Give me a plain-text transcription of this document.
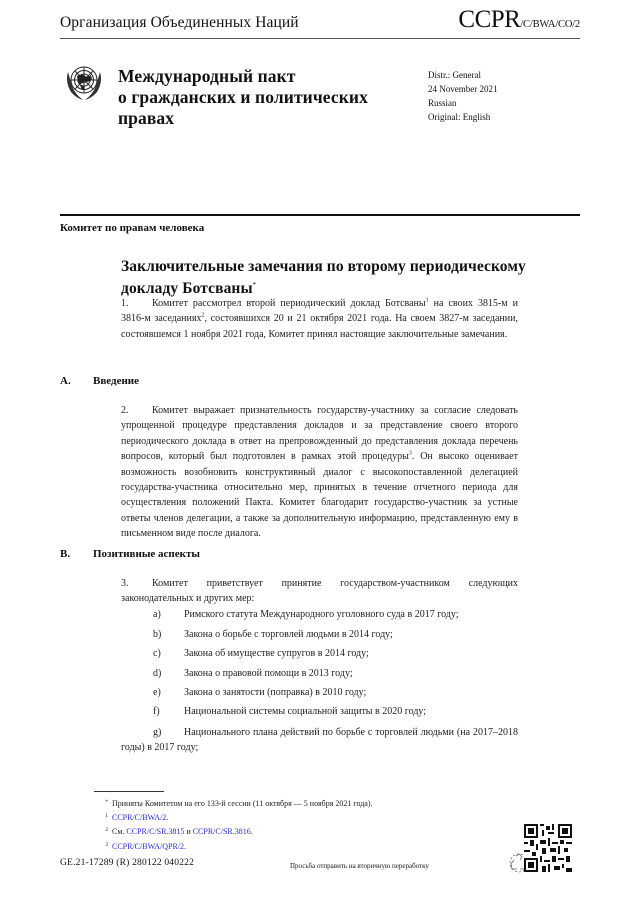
Организация Объединенных Наций	CCPR/C/BWA/CO/2
Международный пакт
о гражданских и политических
правах
Distr.: General
24 November 2021
Russian
Original: English
Комитет по правам человека
Заключительные замечания по второму периодическому докладу Ботсваны*
1. Комитет рассмотрел второй периодический доклад Ботсваны$^1$ на своих 3815-м и 3816-м заседаниях$^2$, состоявшихся 20 и 21 октября 2021 года. На своем 3827-м заседании, состоявшемся 1 ноября 2021 года, Комитет принял настоящие заключительные замечания.
A. Введение
2. Комитет выражает признательность государству-участнику за согласие следовать упрощенной процедуре представления докладов и за представление своего второго периодического доклада в ответ на препровожденный до представления доклада перечень вопросов, который был подготовлен в рамках этой процедуры$^3$. Он высоко оценивает возможность возобновить конструктивный диалог с высокопоставленной делегацией государства-участника относительно мер, принятых в течение отчетного периода для осуществления положений Пакта. Комитет благодарит государство-участник за устные ответы членов делегации, а также за дополнительную информацию, представленную ему в письменном виде после диалога.
B. Позитивные аспекты
3. Комитет приветствует принятие государством-участником следующих законодательных и других мер:
a) Римского статута Международного уголовного суда в 2017 году;
b) Закона о борьбе с торговлей людьми в 2014 году;
c) Закона об имуществе супругов в 2014 году;
d) Закона о правовой помощи в 2013 году;
e) Закона о занятости (поправка) в 2010 году;
f) Национальной системы социальной защиты в 2020 году;
g) Национального плана действий по борьбе с торговлей людьми (на 2017–2018 годы) в 2017 году;
* Приняты Комитетом на его 133-й сессии (11 октября — 5 ноября 2021 года).
$^1$ CCPR/C/BWA/2.
$^2$ См. CCPR/C/SR.3815 и CCPR/C/SR.3816.
$^3$ CCPR/C/BWA/QPR/2.
GE.21-17289 (R) 280122 040222	Просьба отправить на вторичную переработку
